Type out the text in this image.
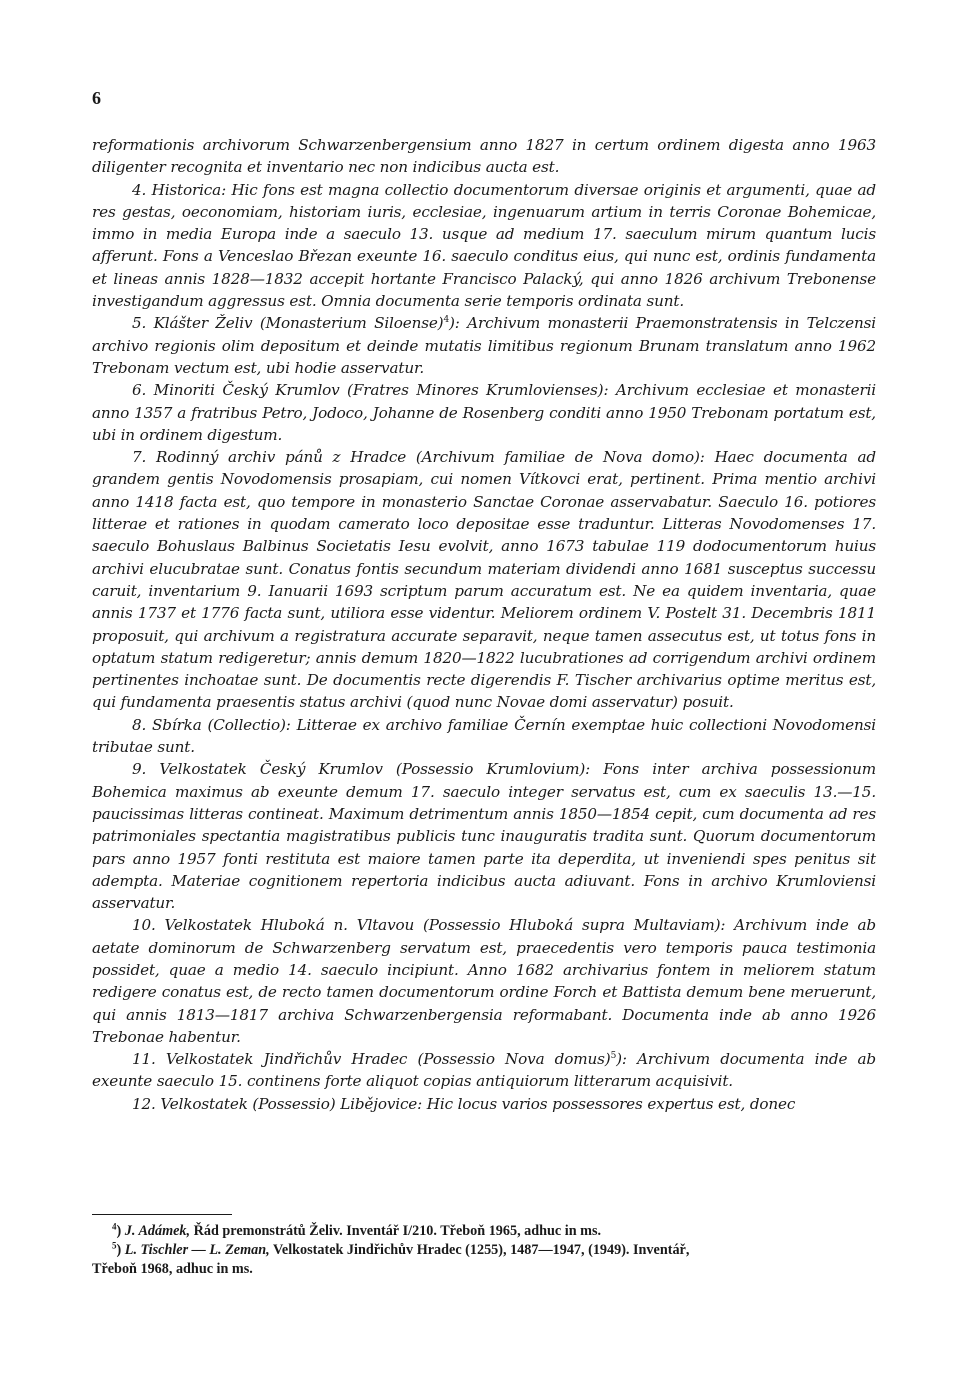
6

reformationis archivorum Schwarzenbergensium anno 1827 in certum ordinem digesta anno 1963 diligenter recognita et inventario nec non indicibus aucta est.

4. Historica: Hic fons est magna collectio documentorum diversae originis et argumenti, quae ad res gestas, oeconomiam, historiam iuris, ecclesiae, ingenuarum artium in terris Coronae Bohemicae, immo in media Europa inde a saeculo 13. usque ad medium 17. saeculum mirum quantum lucis afferunt. Fons a Venceslao Březan exeunte 16. saeculo conditus eius, qui nunc est, ordinis fundamenta et lineas annis 1828—1832 accepit hortante Francisco Palacký, qui anno 1826 archivum Trebonense investigandum aggressus est. Omnia documenta serie temporis ordinata sunt.

5. Klášter Želiv (Monasterium Siloense)$^4$): Archivum monasterii Praemonstratensis in Telczensi archivo regionis olim depositum et deinde mutatis limitibus regionum Brunam translatum anno 1962 Trebonam vectum est, ubi hodie asservatur.

6. Minoriti Český Krumlov (Fratres Minores Krumlovienses): Archivum ecclesiae et monasterii anno 1357 a fratribus Petro, Jodoco, Johanne de Rosenberg conditi anno 1950 Trebonam portatum est, ubi in ordinem digestum.

7. Rodinný archiv pánů z Hradce (Archivum familiae de Nova domo): Haec documenta ad grandem gentis Novodomensis prosapiam, cui nomen Vítkovci erat, pertinent. Prima mentio archivi anno 1418 facta est, quo tempore in monasterio Sanctae Coronae asservabatur. Saeculo 16. potiores litterae et rationes in quodam camerato loco depositae esse traduntur. Litteras Novodomenses 17. saeculo Bohuslaus Balbinus Societatis Iesu evolvit, anno 1673 tabulae 119 dodocumentorum huius archivi elucubratae sunt. Conatus fontis secundum materiam dividendi anno 1681 susceptus successu caruit, inventarium 9. Ianuarii 1693 scriptum parum accuratum est. Ne ea quidem inventaria, quae annis 1737 et 1776 facta sunt, utiliora esse videntur. Meliorem ordinem V. Postelt 31. Decembris 1811 proposuit, qui archivum a registratura accurate separavit, neque tamen assecutus est, ut totus fons in optatum statum redigeretur; annis demum 1820—1822 lucubrationes ad corrigendum archivi ordinem pertinentes inchoatae sunt. De documentis recte digerendis F. Tischer archivarius optime meritus est, qui fundamenta praesentis status archivi (quod nunc Novae domi asservatur) posuit.

8. Sbírka (Collectio): Litterae ex archivo familiae Černín exemptae huic collectioni Novodomensi tributae sunt.

9. Velkostatek Český Krumlov (Possessio Krumlovium): Fons inter archiva possessionum Bohemica maximus ab exeunte demum 17. saeculo integer servatus est, cum ex saeculis 13.—15. paucissimas litteras contineat. Maximum detrimentum annis 1850—1854 cepit, cum documenta ad res patrimoniales spectantia magistratibus publicis tunc inauguratis tradita sunt. Quorum documentorum pars anno 1957 fonti restituta est maiore tamen parte ita deperdita, ut inveniendi spes penitus sit adempta. Materiae cognitionem repertoria indicibus aucta adiuvant. Fons in archivo Krumloviensi asservatur.

10. Velkostatek Hluboká n. Vltavou (Possessio Hluboká supra Multaviam): Archivum inde ab aetate dominorum de Schwarzenberg servatum est, praecedentis vero temporis pauca testimonia possidet, quae a medio 14. saeculo incipiunt. Anno 1682 archivarius fontem in meliorem statum redigere conatus est, de recto tamen documentorum ordine Forch et Battista demum bene meruerunt, qui annis 1813—1817 archiva Schwarzenbergensia reformabant. Documenta inde ab anno 1926 Trebonae habentur.

11. Velkostatek Jindřichův Hradec (Possessio Nova domus)$^5$): Archivum documenta inde ab exeunte saeculo 15. continens forte aliquot copias antiquiorum litterarum acquisivit.

12. Velkostatek (Possessio) Libějovice: Hic locus varios possessores expertus est, donec

$^4$) J. Adámek, Řád premonstrátů Želiv. Inventář I/210. Třeboň 1965, adhuc in ms.

$^5$) L. Tischler — L. Zeman, Velkostatek Jindřichův Hradec (1255), 1487—1947, (1949). Inventář,

Třeboň 1968, adhuc in ms.
